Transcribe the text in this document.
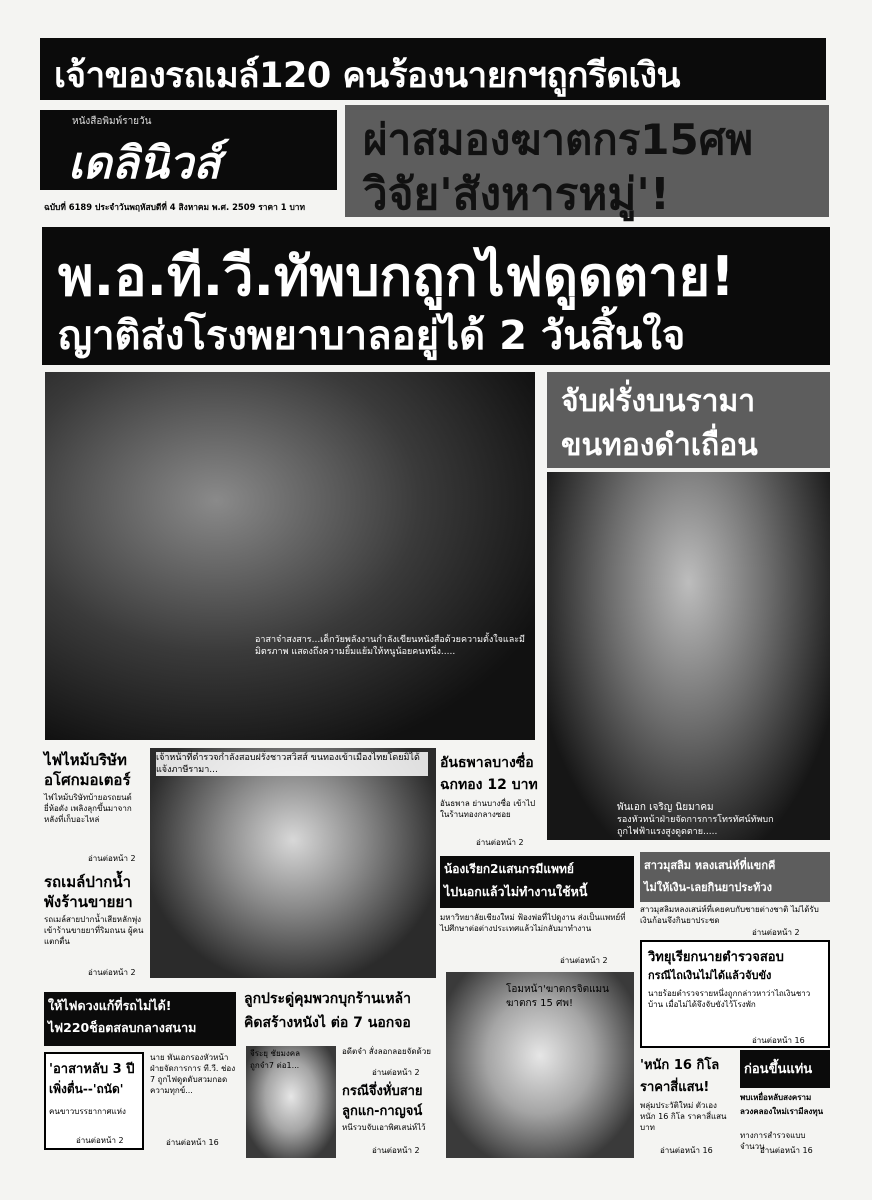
เจ้าของรถเมล์120 คนร้องนายกฯถูกรีดเงิน
หนังสือพิมพ์รายวัน
เดลินิวส์
ฉบับที่ 6189 ประจำวันพฤหัสบดีที่ 4 สิงหาคม พ.ศ. 2509 ราคา 1 บาท
ผ่าสมองฆาตกร15ศพ
วิจัย'สังหารหมู่'!
พ.อ.ที.วี.ทัพบกถูกไฟดูดตาย!
ญาติส่งโรงพยาบาลอยู่ได้ 2 วันสิ้นใจ
อาสาจ๋าสงสาร...เด็กวัยพลังงานกำลังเขียนหนังสือด้วยความตั้งใจและมีมิตรภาพ แสดงถึงความยิ้มแย้มให้หนูน้อยคนหนึ่ง.....
จับฝรั่งบนรามา
ขนทองดำเถื่อน
พันเอก เจริญ นิยมาคม
รองหัวหน้าฝ่ายจัดการการโทรทัศน์ทัพบก
ถูกไฟฟ้าแรงสูงดูดตาย.....
ไฟไหม้บริษัท
อโศกมอเตอร์
ไฟไหม้บริษัทบ้ายอรถยนต์ยี่ห้อดัง เพลิงลุกขึ้นมาจากหลังที่เก็บอะไหล่
อ่านต่อหน้า 2
รถเมล์ปากน้ำ
พังร้านขายยา
รถเมล์สายปากน้ำเสียหลักพุ่งเข้าร้านขายยาที่ริมถนน ผู้คนแตกตื่น
อ่านต่อหน้า 2
เจ้าหน้าที่ตำรวจกำลังสอบฝรั่งชาวสวิสส์ ขนทองเข้าเมืองไทยโดยมิได้แจ้งภาษีรามา...	อันธพาลบางซื่อ
ฉกทอง 12 บาท
อันธพาล ย่านบางซื่อ เข้าไปในร้านทองกลางซอย
อ่านต่อหน้า 2
น้องเรียก2แสนกรมีแพทย์
ไปนอกแล้วไม่ทำงานใช้หนี้
มหาวิทยาลัยเชียงใหม่ ฟ้องพ่อที่ไปดูงาน ส่งเป็นแพทย์ที่ไปศึกษาต่อต่างประเทศแล้วไม่กลับมาทำงาน
อ่านต่อหน้า 2
สาวมุสลิม หลงเสน่ห์ที่แขกคี
ไม่ให้เงิน-เลยกินยาประท้วง
สาวมุสลิมหลงเสน่ห์ที่เคยคบกับชายต่างชาติ ไม่ได้รับเงินก้อนจึงกินยาประชด
อ่านต่อหน้า 2
วิทยุเรียกนายตำรวจสอบ
กรณีไถเงินไม่ได้แล้วจับขัง
นายร้อยตำรวจรายหนึ่งถูกกล่าวหาว่าไถเงินชาวบ้าน เมื่อไม่ได้จึงจับขังไว้โรงพัก
อ่านต่อหน้า 16
ให้ไฟดวงแก้ที่รถไม่ได้!
ไฟ220ช็อตสลบกลางสนาม
'อาสาหลับ 3 ปี
เพิ่งตื่น--'ถนัด'
คนขาวบรรยากาศแห่ง
อ่านต่อหน้า 2
นาย พันเอกรองหัวหน้าฝ่ายจัดการการ ที.วี. ช่อง 7 ถูกไฟดูดดับสวมกอดความทุกข์...
อ่านต่อหน้า 16
ลูกประดู่คุมพวกบุกร้านเหล้า
คิดสร้างหนังไ ต่อ 7 นอกจอ
จีระยุ ชัยมงคล
ถูกจำ7 ต่อ1...
อดีตจำ สั่งลอกลอยจัดด้วย
อ่านต่อหน้า 2
กรณีจึ่งหั่บสาย
ลูกแก-กาญจน์
หนีรวบจับเอาพิศเสน่ห์ไว้
อ่านต่อหน้า 2
โอมหน้า'ฆาตกรจิตแมน
ฆาตกร 15 ศพ!
'หนัก 16 กิโล
ราคาสี่แสน!
พลุ่มประวัติใหม่ ตัวเอง หนัก 16 กิโล ราคาสี่แสนบาท
อ่านต่อหน้า 16
ก่อนขึ้นแท่น
พบเหยื่อหลับสงคราม
ลวงคลองใหม่เรามีลงทุน
ทางการสำรวจแบบจำนวน
อ่านต่อหน้า 16
